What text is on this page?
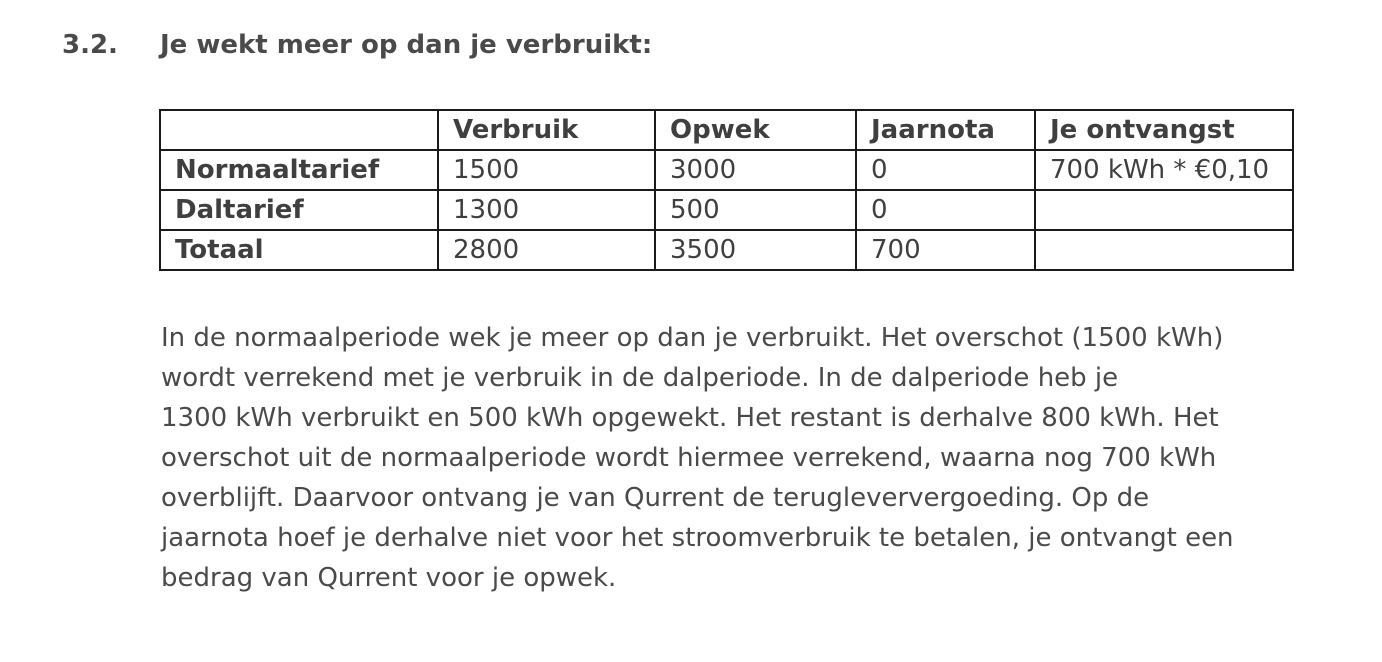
3.2. Je wekt meer op dan je verbruikt:
	Verbruik	Opwek	Jaarnota	Je ontvangst
Normaaltarief	1500	3000	0	700 kWh * €0,10
Daltarief	1300	500	0	
Totaal	2800	3500	700	
In de normaalperiode wek je meer op dan je verbruikt. Het overschot (1500 kWh)
wordt verrekend met je verbruik in de dalperiode. In de dalperiode heb je
1300 kWh verbruikt en 500 kWh opgewekt. Het restant is derhalve 800 kWh. Het
overschot uit de normaalperiode wordt hiermee verrekend, waarna nog 700 kWh
overblijft. Daarvoor ontvang je van Qurrent de terugleververgoeding. Op de
jaarnota hoef je derhalve niet voor het stroomverbruik te betalen, je ontvangt een
bedrag van Qurrent voor je opwek.
